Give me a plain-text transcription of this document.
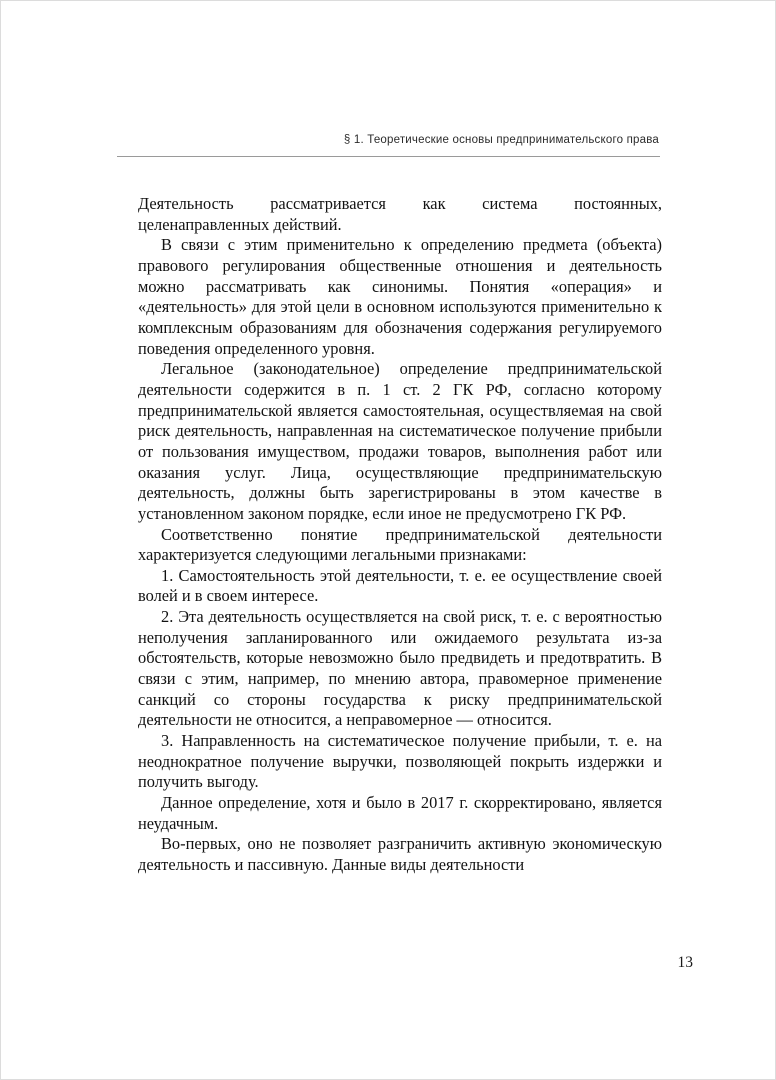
§ 1. Теоретические основы предпринимательского права

Деятельность рассматривается как система постоянных, целенаправленных действий.

В связи с этим применительно к определению предмета (объекта) правового регулирования общественные отношения и деятельность можно рассматривать как синонимы. Понятия «операция» и «деятельность» для этой цели в основном используются применительно к комплексным образованиям для обозначения содержания регулируемого поведения определенного уровня.

Легальное (законодательное) определение предпринимательской деятельности содержится в п. 1 ст. 2 ГК РФ, согласно которому предпринимательской является самостоятельная, осуществляемая на свой риск деятельность, направленная на систематическое получение прибыли от пользования имуществом, продажи товаров, выполнения работ или оказания услуг. Лица, осуществляющие предпринимательскую деятельность, должны быть зарегистрированы в этом качестве в установленном законом порядке, если иное не предусмотрено ГК РФ.

Соответственно понятие предпринимательской деятельности характеризуется следующими легальными признаками:

1. Самостоятельность этой деятельности, т. е. ее осуществление своей волей и в своем интересе.

2. Эта деятельность осуществляется на свой риск, т. е. с вероятностью неполучения запланированного или ожидаемого результата из-за обстоятельств, которые невозможно было предвидеть и предотвратить. В связи с этим, например, по мнению автора, правомерное применение санкций со стороны государства к риску предпринимательской деятельности не относится, а неправомерное — относится.

3. Направленность на систематическое получение прибыли, т. е. на неоднократное получение выручки, позволяющей покрыть издержки и получить выгоду.

Данное определение, хотя и было в 2017 г. скорректировано, является неудачным.

Во-первых, оно не позволяет разграничить активную экономическую деятельность и пассивную. Данные виды деятельности

13
